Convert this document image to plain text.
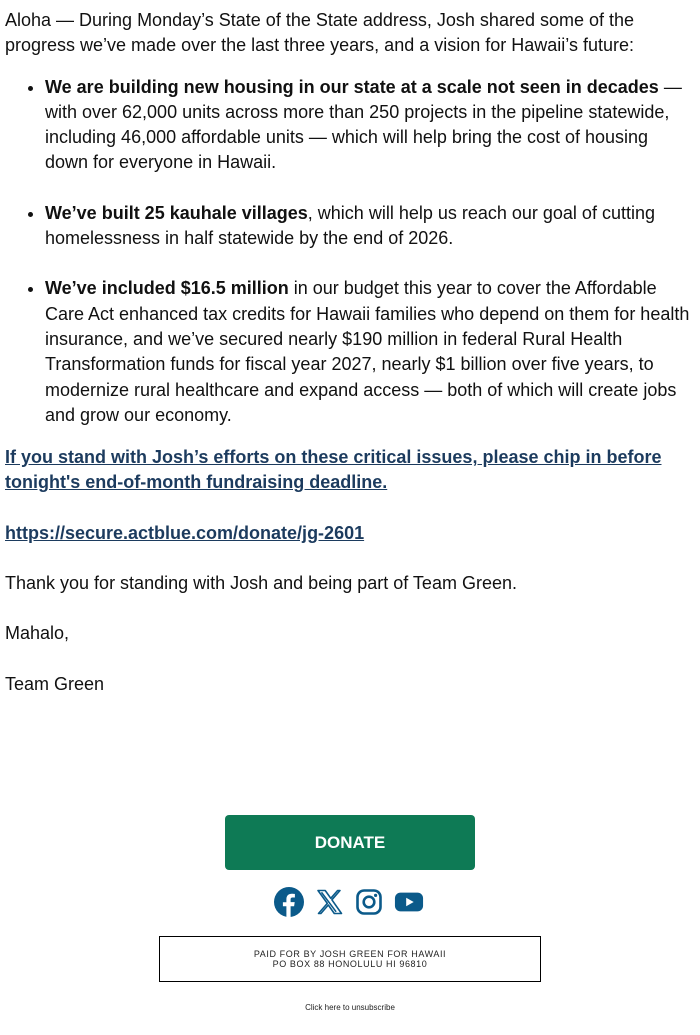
Aloha — During Monday’s State of the State address, Josh shared some of the progress we’ve made over the last three years, and a vision for Hawaii’s future:

• We are building new housing in our state at a scale not seen in decades — with over 62,000 units across more than 250 projects in the pipeline statewide, including 46,000 affordable units — which will help bring the cost of housing down for everyone in Hawaii.
• We’ve built 25 kauhale villages, which will help us reach our goal of cutting homelessness in half statewide by the end of 2026.
• We’ve included $16.5 million in our budget this year to cover the Affordable Care Act enhanced tax credits for Hawaii families who depend on them for health insurance, and we’ve secured nearly $190 million in federal Rural Health Transformation funds for fiscal year 2027, nearly $1 billion over five years, to modernize rural healthcare and expand access — both of which will create jobs and grow our economy.

If you stand with Josh’s efforts on these critical issues, please chip in before tonight's end-of-month fundraising deadline.

https://secure.actblue.com/donate/jg-2601

Thank you for standing with Josh and being part of Team Green.

Mahalo,

Team Green

DONATE
PAID FOR BY JOSH GREEN FOR HAWAII
PO BOX 88 HONOLULU HI 96810
Click here to unsubscribe
